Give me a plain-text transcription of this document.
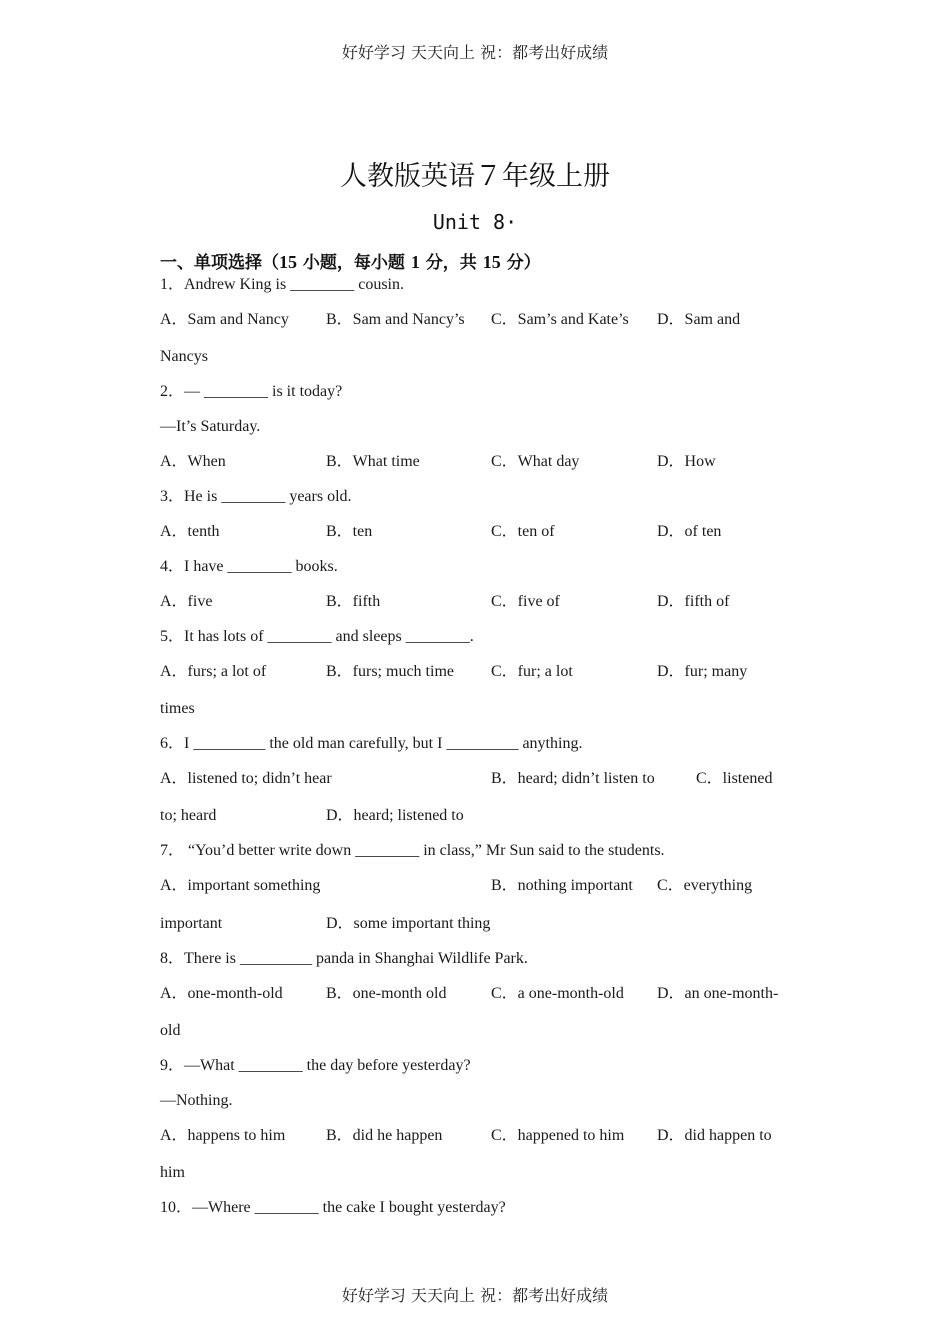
好好学习 天天向上 祝：都考出好成绩
人教版英语７年级上册
Unit 8·
一、单项选择（15 小题，每小题 1 分，共 15 分）
1．Andrew King is ________ cousin.
A．Sam and Nancy B．Sam and Nancy’s C．Sam’s and Kate’s D．Sam and
Nancys
2．— ________ is it today?
—It’s Saturday.
A．When	B．What time	C．What day	D．How
3．He is ________ years old.
A．tenth	B．ten	C．ten of	D．of ten
4．I have ________ books.
A．five	B．fifth	C．five of	D．fifth of
5．It has lots of ________ and sleeps ________.
A．furs; a lot of	B．furs; much time C．fur; a lot	D．fur; many
times
6．I _________ the old man carefully, but I _________ anything.
A．listened to; didn’t hear	B．heard; didn’t listen to	C．listened
to; heard	D．heard; listened to
7． “You’d better write down ________ in class,” Mr Sun said to the students.
A．important something	B．nothing important C．everything
important	D．some important thing
8．There is _________ panda in Shanghai Wildlife Park.
A．one-month-old	B．one-month old	C．a one-month-old D．an one-month-
old
9．—What ________ the day before yesterday?
—Nothing.
A．happens to him	B．did he happen	C．happened to him D．did happen to
him
10．—Where ________ the cake I bought yesterday?
好好学习 天天向上 祝：都考出好成绩
